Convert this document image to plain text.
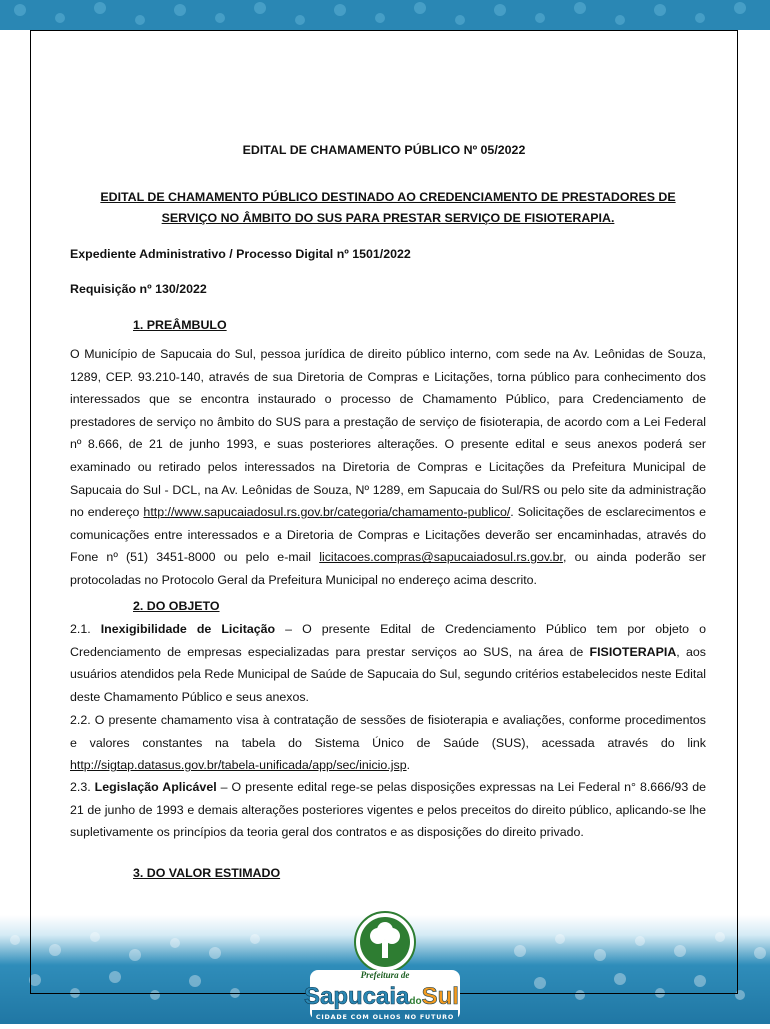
EDITAL DE CHAMAMENTO PÚBLICO Nº 05/2022
EDITAL DE CHAMAMENTO PÚBLICO DESTINADO AO CREDENCIAMENTO DE PRESTADORES DE
SERVIÇO NO ÂMBITO DO SUS PARA PRESTAR SERVIÇO DE FISIOTERAPIA.
Expediente Administrativo / Processo Digital nº 1501/2022
Requisição nº 130/2022
1. PREÂMBULO
O Município de Sapucaia do Sul, pessoa jurídica de direito público interno, com sede na Av. Leônidas de Souza, 1289, CEP. 93.210-140, através de sua Diretoria de Compras e Licitações, torna público para conhecimento dos interessados que se encontra instaurado o processo de Chamamento Público, para Credenciamento de prestadores de serviço no âmbito do SUS para a prestação de serviço de fisioterapia, de acordo com a Lei Federal nº 8.666, de 21 de junho 1993, e suas posteriores alterações. O presente edital e seus anexos poderá ser examinado ou retirado pelos interessados na Diretoria de Compras e Licitações da Prefeitura Municipal de Sapucaia do Sul - DCL, na Av. Leônidas de Souza, Nº 1289, em Sapucaia do Sul/RS ou pelo site da administração no endereço http://www.sapucaiadosul.rs.gov.br/categoria/chamamento-publico/. Solicitações de esclarecimentos e comunicações entre interessados e a Diretoria de Compras e Licitações deverão ser encaminhadas, através do Fone nº (51) 3451-8000 ou pelo e-mail licitacoes.compras@sapucaiadosul.rs.gov.br, ou ainda poderão ser protocoladas no Protocolo Geral da Prefeitura Municipal no endereço acima descrito.
2. DO OBJETO
2.1. Inexigibilidade de Licitação – O presente Edital de Credenciamento Público tem por objeto o Credenciamento de empresas especializadas para prestar serviços ao SUS, na área de FISIOTERAPIA, aos usuários atendidos pela Rede Municipal de Saúde de Sapucaia do Sul, segundo critérios estabelecidos neste Edital deste Chamamento Público e seus anexos.
2.2. O presente chamamento visa à contratação de sessões de fisioterapia e avaliações, conforme procedimentos e valores constantes na tabela do Sistema Único de Saúde (SUS), acessada através do link http://sigtap.datasus.gov.br/tabela-unificada/app/sec/inicio.jsp.
2.3. Legislação Aplicável – O presente edital rege-se pelas disposições expressas na Lei Federal n° 8.666/93 de 21 de junho de 1993 e demais alterações posteriores vigentes e pelos preceitos do direito público, aplicando-se lhe supletivamente os princípios da teoria geral dos contratos e as disposições do direito privado.
3. DO VALOR ESTIMADO
Prefeitura de
SapucaiadoSul
CIDADE COM OLHOS NO FUTURO
